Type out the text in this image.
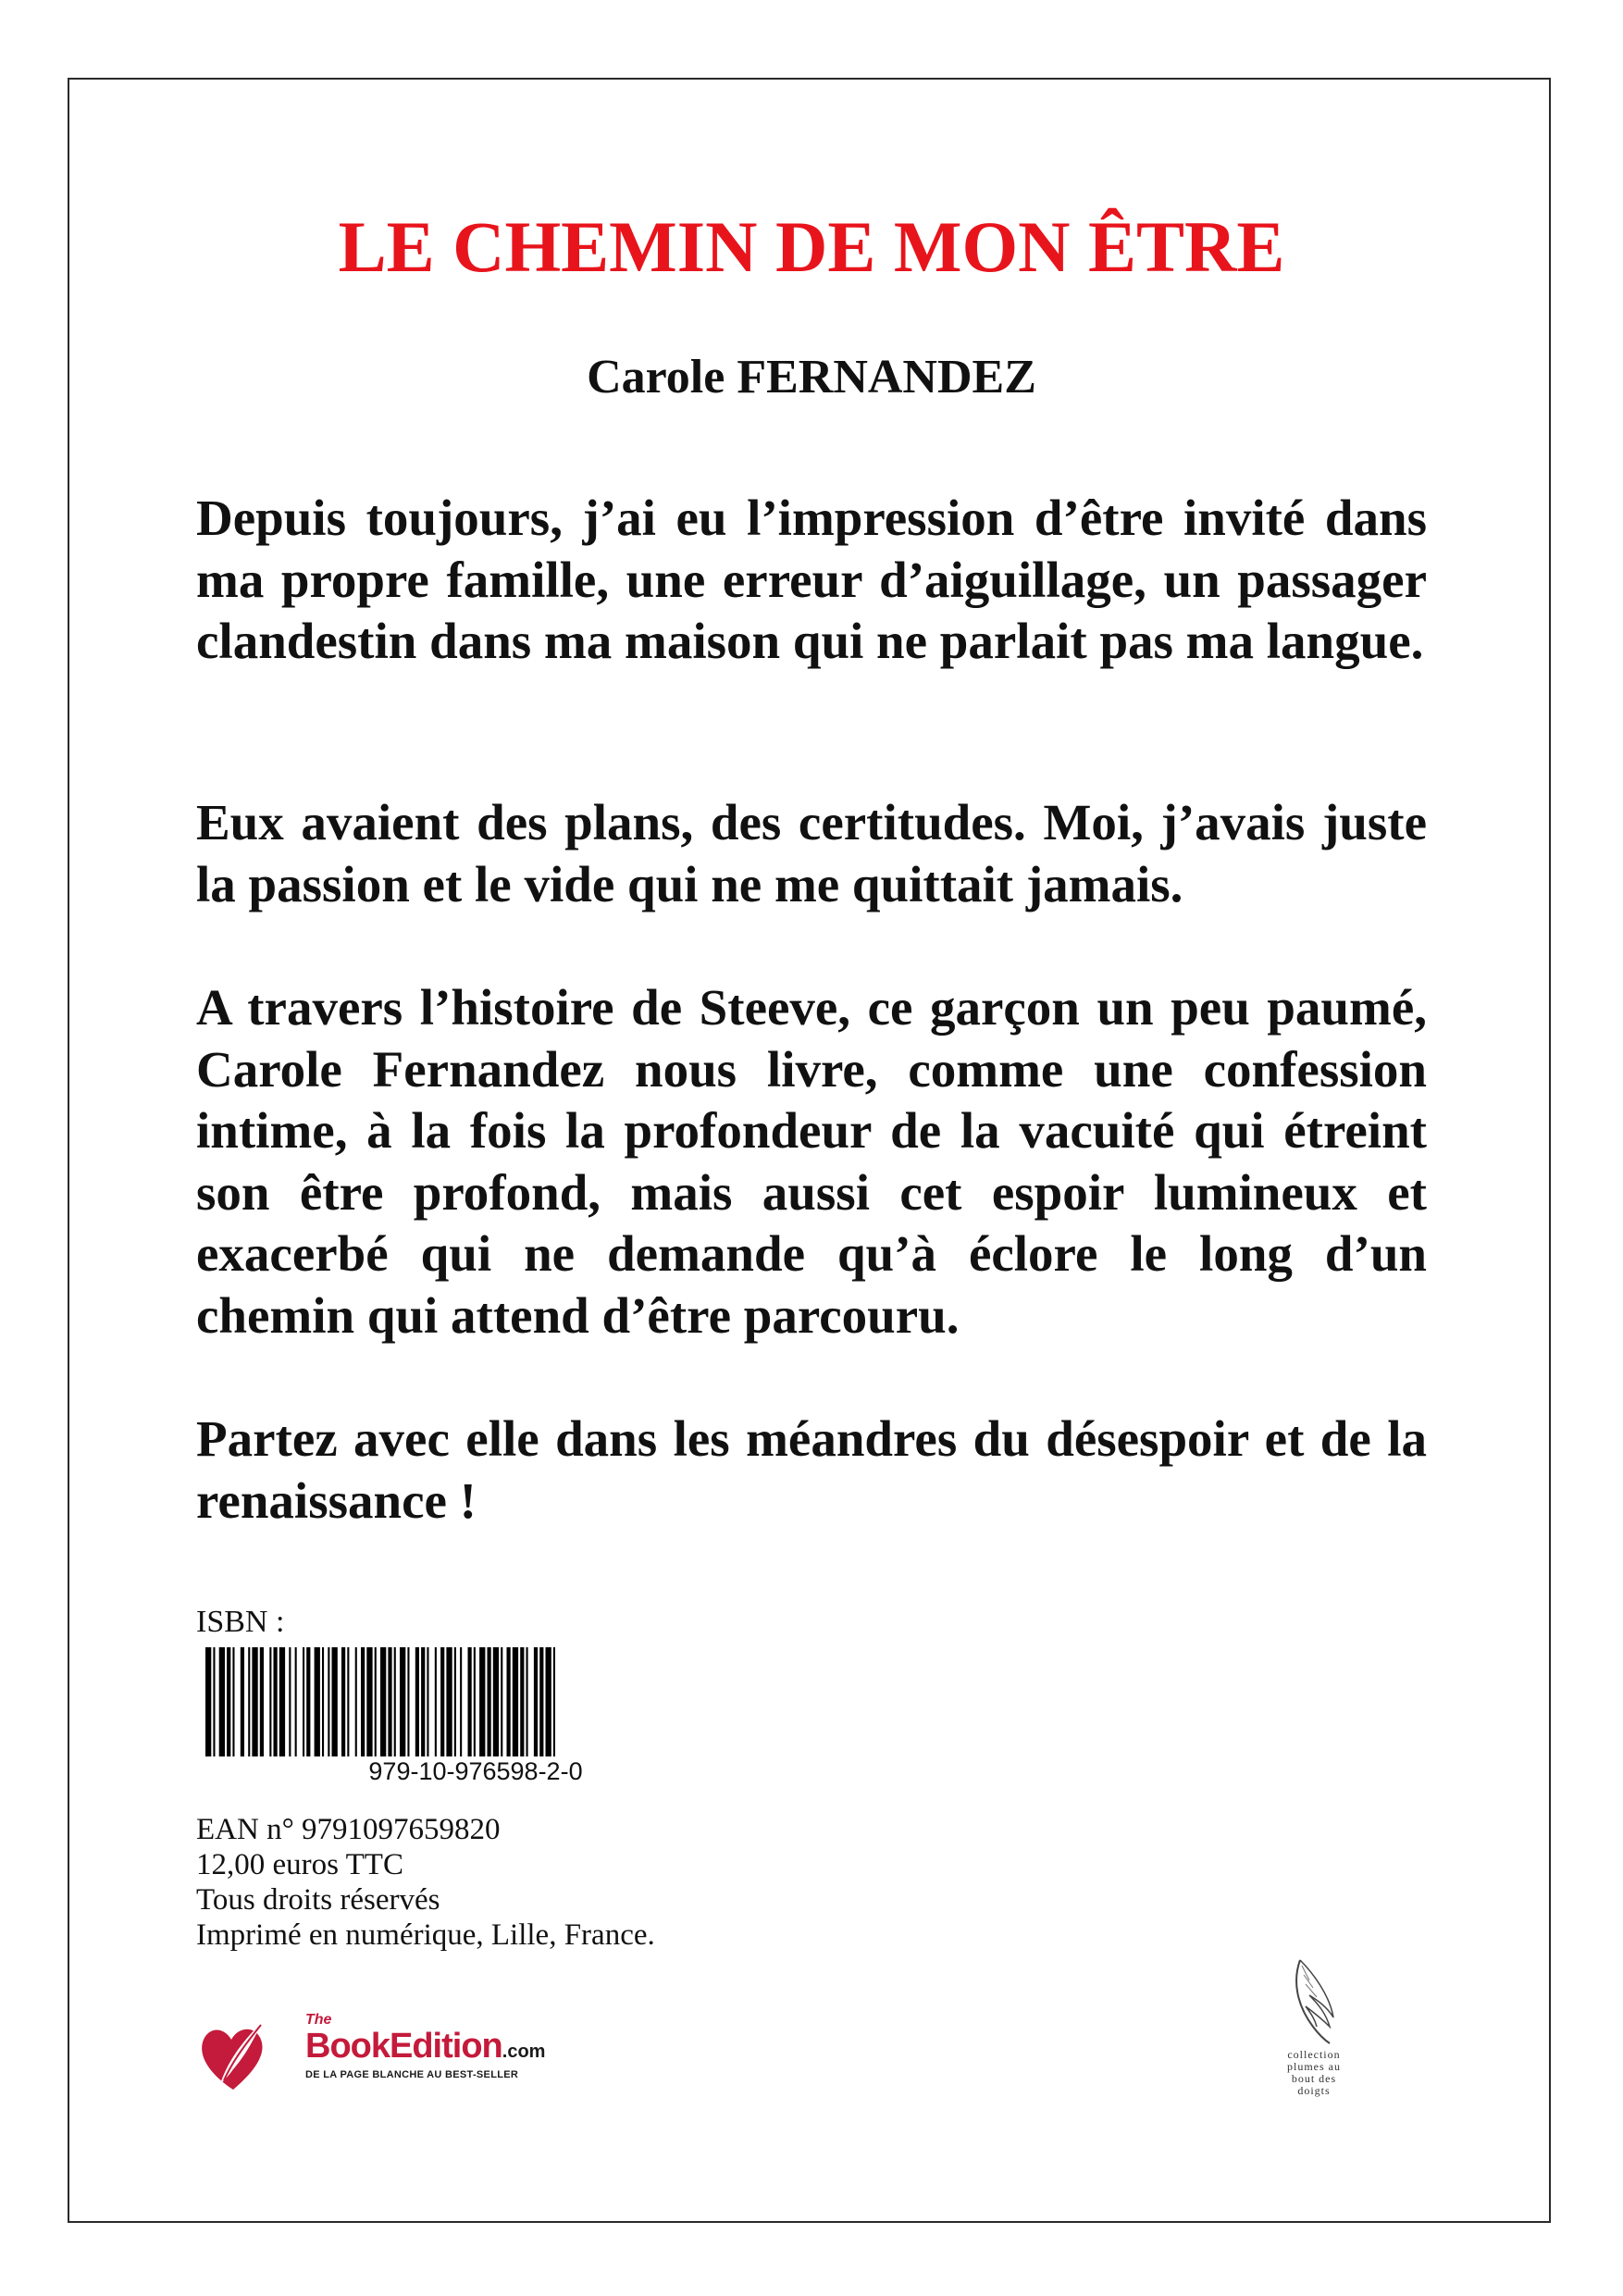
LE CHEMIN DE MON ÊTRE
Carole FERNANDEZ

Depuis toujours, j’ai eu l’impression d’être invité dans ma propre famille, une erreur d’aiguillage, un passager clandestin dans ma maison qui ne parlait pas ma langue.

Eux avaient des plans, des certitudes. Moi, j’avais juste la passion et le vide qui ne me quittait jamais.

A travers l’histoire de Steeve, ce garçon un peu paumé, Carole Fernandez nous livre, comme une confession intime, à la fois la profondeur de la vacuité qui étreint son être profond, mais aussi cet espoir lumineux et exacerbé qui ne demande qu’à éclore le long d’un chemin qui attend d’être parcouru.

Partez avec elle dans les méandres du désespoir et de la renaissance !

ISBN :
979-10-976598-2-0
EAN n° 9791097659820
12,00 euros TTC
Tous droits réservés
Imprimé en numérique, Lille, France.
The
BookEdition.com
DE LA PAGE BLANCHE AU BEST-SELLER
collection
plumes au
bout des
doigts
